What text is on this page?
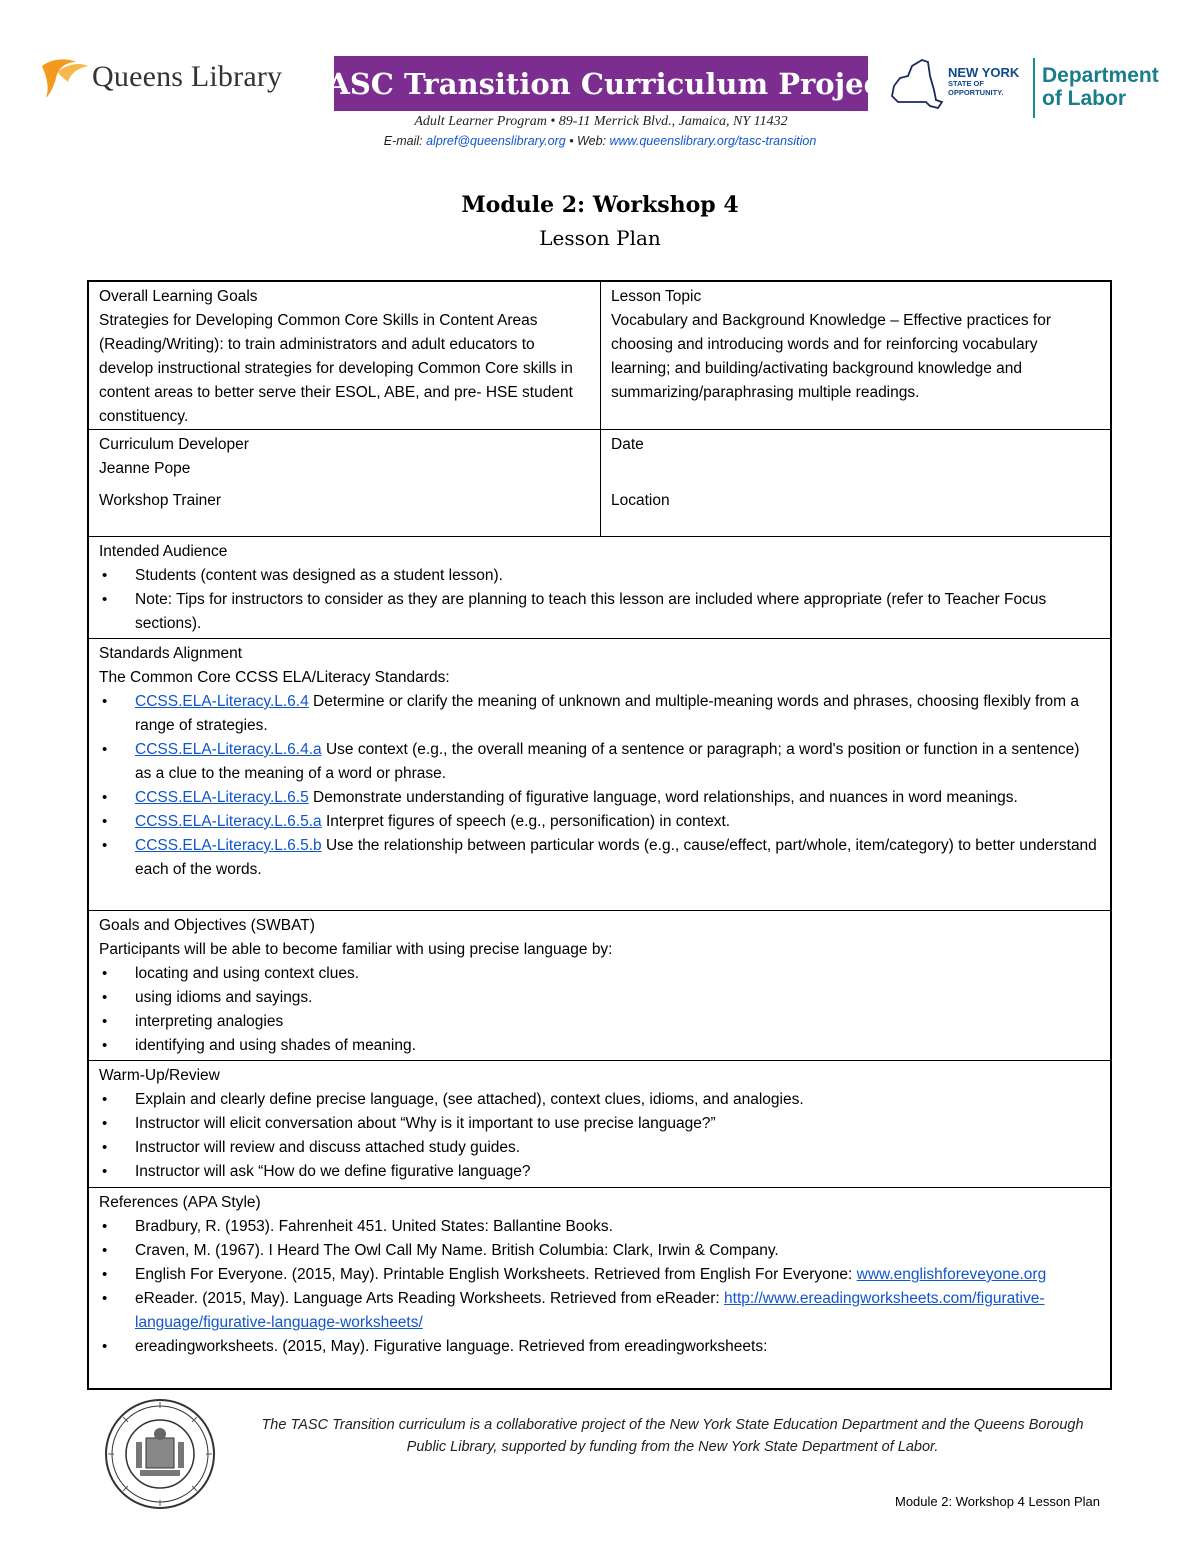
Queens Library TASC Transition Curriculum Project
Adult Learner Program • 89-11 Merrick Blvd., Jamaica, NY 11432
E-mail: alpref@queenslibrary.org • Web: www.queenslibrary.org/tasc-transition
NEW YORK
STATE OF
OPPORTUNITY.
Department
of Labor
Module 2: Workshop 4
Lesson Plan
Overall Learning Goals
Strategies for Developing Common Core Skills in Content Areas (Reading/Writing): to train administrators and adult educators to develop instructional strategies for developing Common Core skills in content areas to better serve their ESOL, ABE, and pre- HSE student constituency.
Lesson Topic
Vocabulary and Background Knowledge – Effective practices for choosing and introducing words and for reinforcing vocabulary learning; and building/activating background knowledge and summarizing/paraphrasing multiple readings.
Curriculum Developer
Jeanne Pope
Workshop Trainer
Date
Location
Intended Audience
• Students (content was designed as a student lesson).
• Note: Tips for instructors to consider as they are planning to teach this lesson are included where appropriate (refer to Teacher Focus sections).
Standards Alignment
The Common Core CCSS ELA/Literacy Standards:
• CCSS.ELA-Literacy.L.6.4 Determine or clarify the meaning of unknown and multiple-meaning words and phrases, choosing flexibly from a range of strategies.
• CCSS.ELA-Literacy.L.6.4.a Use context (e.g., the overall meaning of a sentence or paragraph; a word's position or function in a sentence) as a clue to the meaning of a word or phrase.
• CCSS.ELA-Literacy.L.6.5 Demonstrate understanding of figurative language, word relationships, and nuances in word meanings.
• CCSS.ELA-Literacy.L.6.5.a Interpret figures of speech (e.g., personification) in context.
• CCSS.ELA-Literacy.L.6.5.b Use the relationship between particular words (e.g., cause/effect, part/whole, item/category) to better understand each of the words.
Goals and Objectives (SWBAT)
Participants will be able to become familiar with using precise language by:
• locating and using context clues.
• using idioms and sayings.
• interpreting analogies
• identifying and using shades of meaning.
Warm-Up/Review
• Explain and clearly define precise language, (see attached), context clues, idioms, and analogies.
• Instructor will elicit conversation about “Why is it important to use precise language?”
• Instructor will review and discuss attached study guides.
• Instructor will ask “How do we define figurative language?
References (APA Style)
• Bradbury, R. (1953). Fahrenheit 451. United States: Ballantine Books.
• Craven, M. (1967). I Heard The Owl Call My Name. British Columbia: Clark, Irwin & Company.
• English For Everyone. (2015, May). Printable English Worksheets. Retrieved from English For Everyone: www.englishforeveyone.org
• eReader. (2015, May). Language Arts Reading Worksheets. Retrieved from eReader: http://www.ereadingworksheets.com/figurative-language/figurative-language-worksheets/
• ereadingworksheets. (2015, May). Figurative language. Retrieved from ereadingworksheets:
The TASC Transition curriculum is a collaborative project of the New York State Education Department and the Queens Borough Public Library, supported by funding from the New York State Department of Labor.
Module 2: Workshop 4 Lesson Plan
